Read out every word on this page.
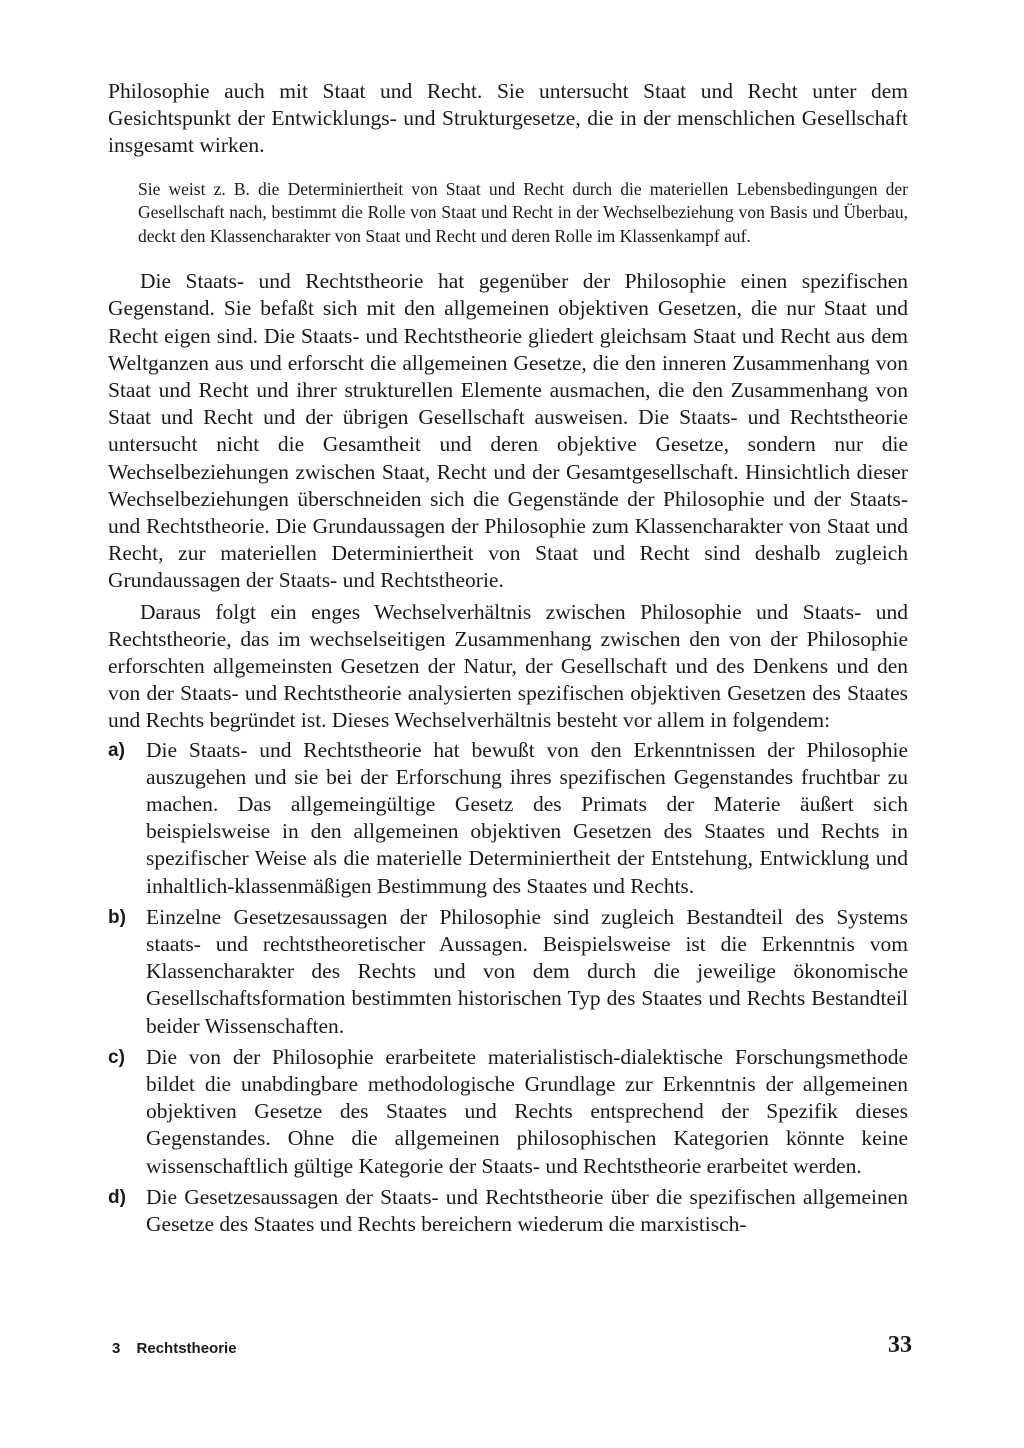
Philosophie auch mit Staat und Recht. Sie untersucht Staat und Recht unter dem Gesichtspunkt der Entwicklungs- und Strukturgesetze, die in der menschlichen Gesellschaft insgesamt wirken.

Sie weist z. B. die Determiniertheit von Staat und Recht durch die materiellen Lebensbedingungen der Gesellschaft nach, bestimmt die Rolle von Staat und Recht in der Wechselbeziehung von Basis und Überbau, deckt den Klassencharakter von Staat und Recht und deren Rolle im Klassenkampf auf.

Die Staats- und Rechtstheorie hat gegenüber der Philosophie einen spezifischen Gegenstand. Sie befaßt sich mit den allgemeinen objektiven Gesetzen, die nur Staat und Recht eigen sind. Die Staats- und Rechtstheorie gliedert gleichsam Staat und Recht aus dem Weltganzen aus und erforscht die allgemeinen Gesetze, die den inneren Zusammenhang von Staat und Recht und ihrer strukturellen Elemente ausmachen, die den Zusammenhang von Staat und Recht und der übrigen Gesellschaft ausweisen. Die Staats- und Rechtstheorie untersucht nicht die Gesamtheit und deren objektive Gesetze, sondern nur die Wechselbeziehungen zwischen Staat, Recht und der Gesamtgesellschaft. Hinsichtlich dieser Wechselbeziehungen überschneiden sich die Gegenstände der Philosophie und der Staats- und Rechtstheorie. Die Grundaussagen der Philosophie zum Klassencharakter von Staat und Recht, zur materiellen Determiniertheit von Staat und Recht sind deshalb zugleich Grundaussagen der Staats- und Rechtstheorie.

Daraus folgt ein enges Wechselverhältnis zwischen Philosophie und Staats- und Rechtstheorie, das im wechselseitigen Zusammenhang zwischen den von der Philosophie erforschten allgemeinsten Gesetzen der Natur, der Gesellschaft und des Denkens und den von der Staats- und Rechtstheorie analysierten spezifischen objektiven Gesetzen des Staates und Rechts begründet ist. Dieses Wechselverhältnis besteht vor allem in folgendem:

a) Die Staats- und Rechtstheorie hat bewußt von den Erkenntnissen der Philosophie auszugehen und sie bei der Erforschung ihres spezifischen Gegenstandes fruchtbar zu machen. Das allgemeingültige Gesetz des Primats der Materie äußert sich beispielsweise in den allgemeinen objektiven Gesetzen des Staates und Rechts in spezifischer Weise als die materielle Determiniertheit der Entstehung, Entwicklung und inhaltlich-klassenmäßigen Bestimmung des Staates und Rechts.
b) Einzelne Gesetzesaussagen der Philosophie sind zugleich Bestandteil des Systems staats- und rechtstheoretischer Aussagen. Beispielsweise ist die Erkenntnis vom Klassencharakter des Rechts und von dem durch die jeweilige ökonomische Gesellschaftsformation bestimmten historischen Typ des Staates und Rechts Bestandteil beider Wissenschaften.
c) Die von der Philosophie erarbeitete materialistisch-dialektische Forschungsmethode bildet die unabdingbare methodologische Grundlage zur Erkenntnis der allgemeinen objektiven Gesetze des Staates und Rechts entsprechend der Spezifik dieses Gegenstandes. Ohne die allgemeinen philosophischen Kategorien könnte keine wissenschaftlich gültige Kategorie der Staats- und Rechtstheorie erarbeitet werden.
d) Die Gesetzesaussagen der Staats- und Rechtstheorie über die spezifischen allgemeinen Gesetze des Staates und Rechts bereichern wiederum die marxistisch-
3 Rechtstheorie	33
